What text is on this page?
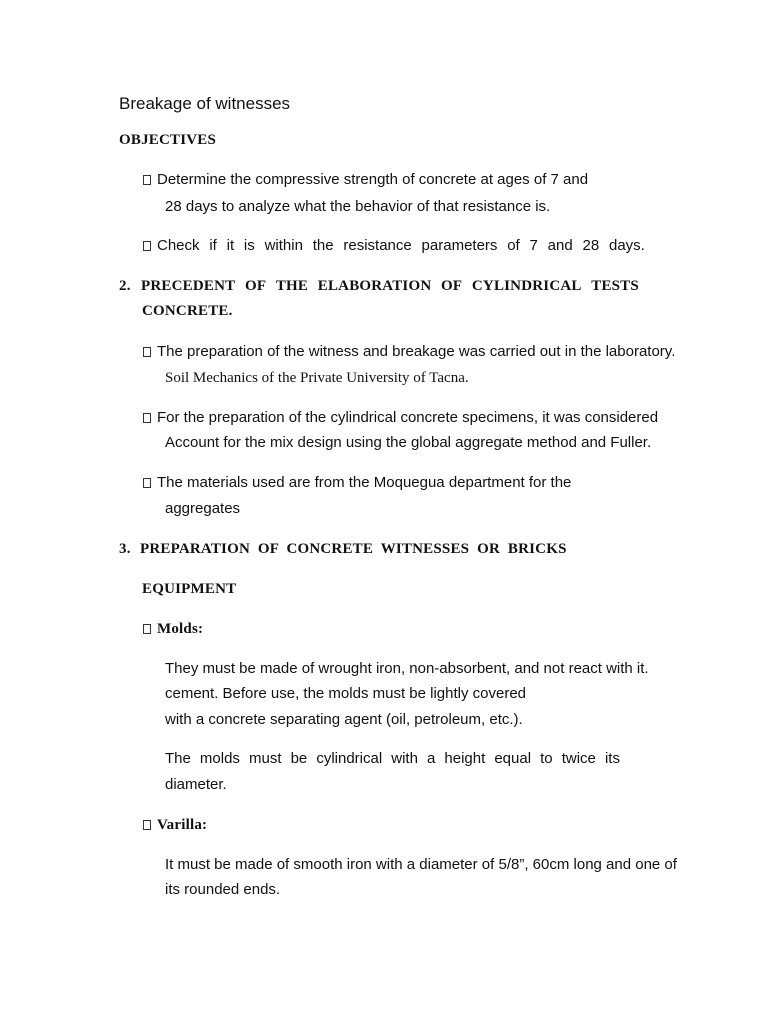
Breakage of witnesses
OBJECTIVES
Determine the compressive strength of concrete at ages of 7 and
28 days to analyze what the behavior of that resistance is.
Check if it is within the resistance parameters of 7 and 28 days.
2. PRECEDENT OF THE ELABORATION OF CYLINDRICAL TESTS
CONCRETE.
The preparation of the witness and breakage was carried out in the laboratory.
Soil Mechanics of the Private University of Tacna.
For the preparation of the cylindrical concrete specimens, it was considered
Account for the mix design using the global aggregate method and Fuller.
The materials used are from the Moquegua department for the
aggregates
3. PREPARATION  OF  CONCRETE  WITNESSES  OR  BRICKS
EQUIPMENT
Molds:
They must be made of wrought iron, non-absorbent, and not react with it.
cement. Before use, the molds must be lightly covered
with a concrete separating agent (oil, petroleum, etc.).
The molds must be cylindrical with a height equal to twice its
diameter.
Varilla:
It must be made of smooth iron with a diameter of 5/8”, 60cm long and one of
its rounded ends.
